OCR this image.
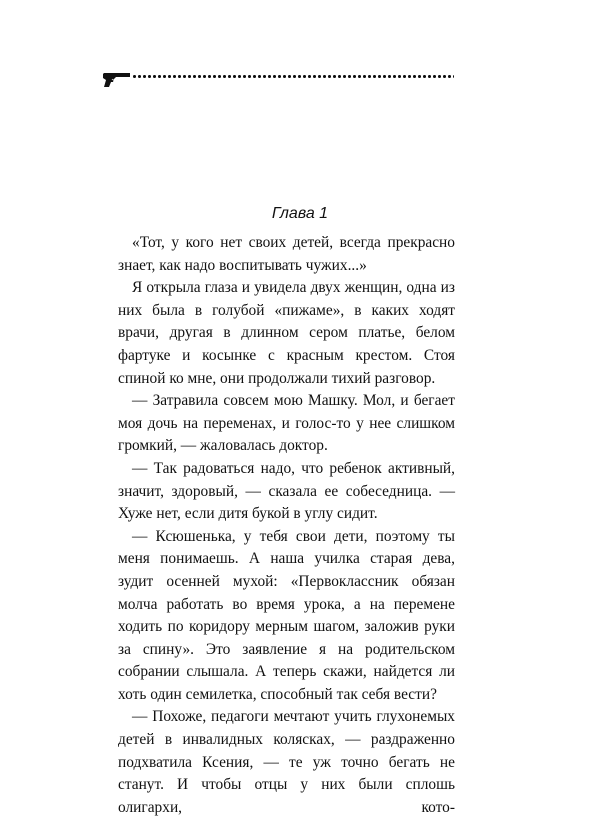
Глава 1

«Тот, у кого нет своих детей, всегда прекрасно знает, как надо воспитывать чужих...»

Я открыла глаза и увидела двух женщин, одна из них была в голубой «пижаме», в каких ходят врачи, другая в длинном сером платье, белом фартуке и косынке с красным крестом. Стоя спиной ко мне, они продолжали тихий разговор.

— Затравила совсем мою Машку. Мол, и бегает моя дочь на переменах, и голос-то у нее слишком громкий, — жаловалась доктор.

— Так радоваться надо, что ребенок активный, значит, здоровый, — сказала ее собеседница. — Хуже нет, если дитя букой в углу сидит.

— Ксюшенька, у тебя свои дети, поэтому ты меня понимаешь. А наша училка старая дева, зудит осенней мухой: «Первоклассник обязан молча работать во время урока, а на перемене ходить по коридору мерным шагом, заложив руки за спину». Это заявление я на родительском собрании слышала. А теперь скажи, найдется ли хоть один семилетка, способный так себя вести?

— Похоже, педагоги мечтают учить глухонемых детей в инвалидных колясках, — раздраженно подхватила Ксения, — те уж точно бегать не станут. И чтобы отцы у них были сплошь олигархи, кото-
